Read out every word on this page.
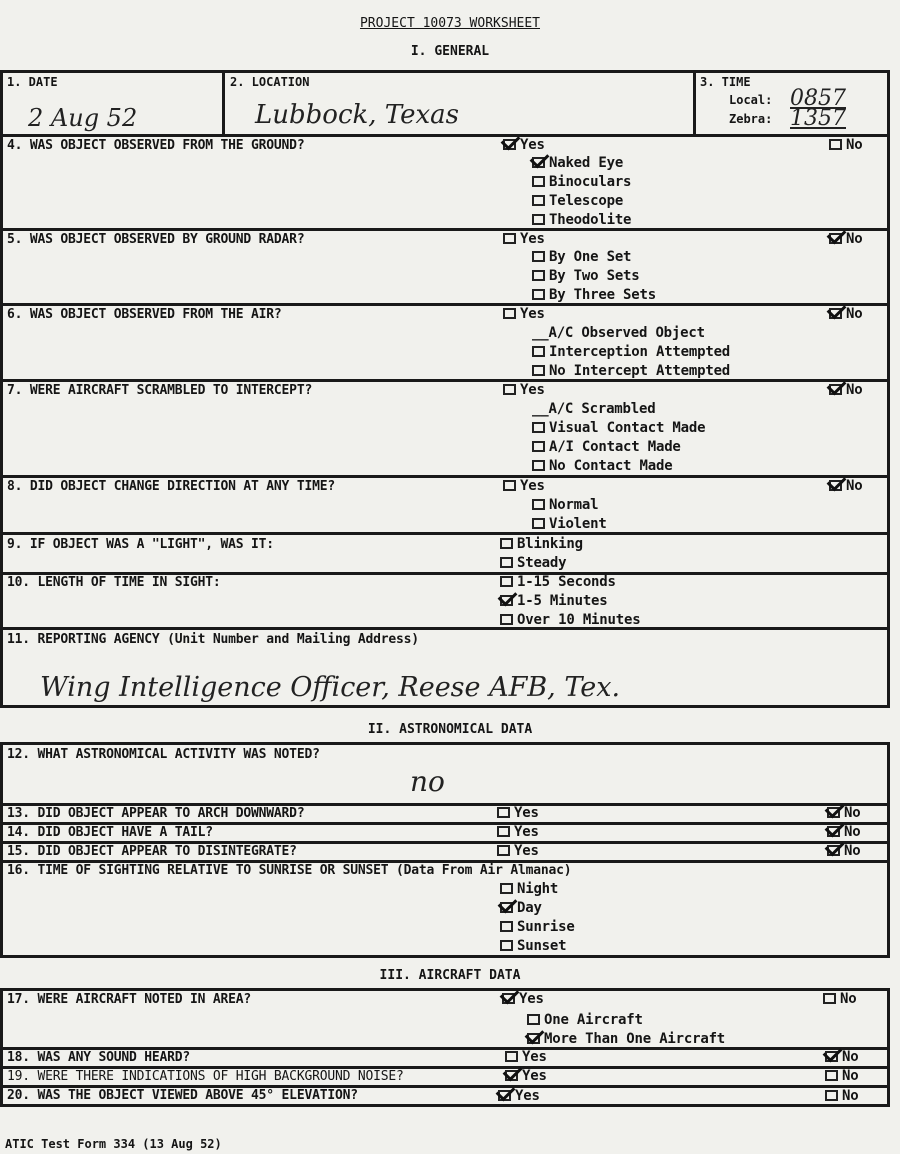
PROJECT 10073 WORKSHEET
I. GENERAL
1. DATE
2 Aug 52
2. LOCATION
Lubbock, Texas
3. TIME
Local: 0857
Zebra: 1357
4. WAS OBJECT OBSERVED FROM THE GROUND?	Yes	No
Naked Eye
Binoculars
Telescope
Theodolite
5. WAS OBJECT OBSERVED BY GROUND RADAR?	Yes	No
By One Set
By Two Sets
By Three Sets
6. WAS OBJECT OBSERVED FROM THE AIR?	Yes	No
__A/C Observed Object
Interception Attempted
No Intercept Attempted
7. WERE AIRCRAFT SCRAMBLED TO INTERCEPT?	Yes	No
__A/C Scrambled
Visual Contact Made
A/I Contact Made
No Contact Made
8. DID OBJECT CHANGE DIRECTION AT ANY TIME?	Yes	No
Normal
Violent
9. IF OBJECT WAS A "LIGHT", WAS IT:	Blinking
Steady
10. LENGTH OF TIME IN SIGHT:	1-15 Seconds
1-5 Minutes
Over 10 Minutes
11. REPORTING AGENCY (Unit Number and Mailing Address)
Wing Intelligence Officer, Reese AFB, Tex.
II. ASTRONOMICAL DATA
12. WHAT ASTRONOMICAL ACTIVITY WAS NOTED?
no
13. DID OBJECT APPEAR TO ARCH DOWNWARD?	Yes	No
14. DID OBJECT HAVE A TAIL?	Yes	No
15. DID OBJECT APPEAR TO DISINTEGRATE?	Yes	No
16. TIME OF SIGHTING RELATIVE TO SUNRISE OR SUNSET (Data From Air Almanac)
Night
Day
Sunrise
Sunset
III. AIRCRAFT DATA
17. WERE AIRCRAFT NOTED IN AREA?	Yes	No
One Aircraft
More Than One Aircraft
18. WAS ANY SOUND HEARD?	Yes	No
19. WERE THERE INDICATIONS OF HIGH BACKGROUND NOISE?	Yes	No
20. WAS THE OBJECT VIEWED ABOVE 45° ELEVATION?	Yes	No
ATIC Test Form 334 (13 Aug 52)
